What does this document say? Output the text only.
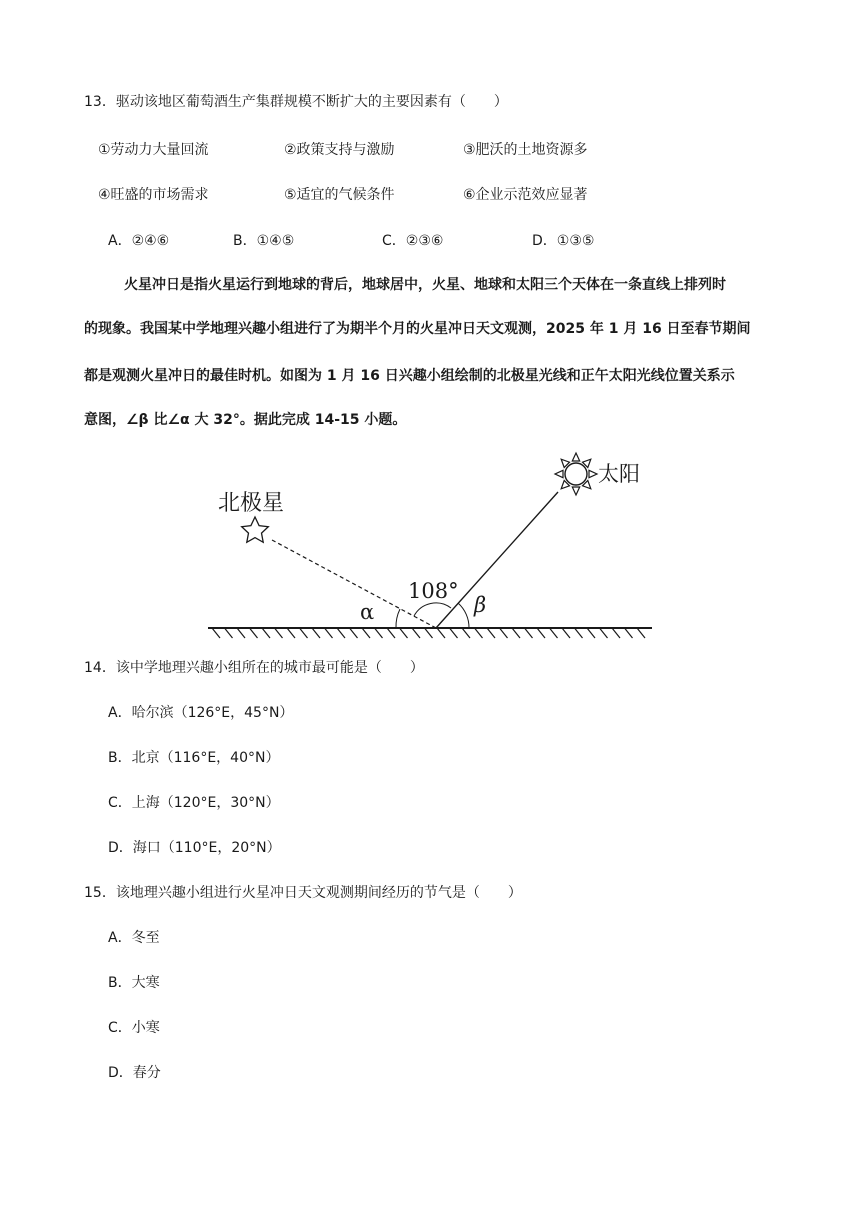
13．驱动该地区葡萄酒生产集群规模不断扩大的主要因素有（　　）
①劳动力大量回流	②政策支持与激励	③肥沃的土地资源多
④旺盛的市场需求	⑤适宜的气候条件	⑥企业示范效应显著
A．②④⑥	B．①④⑤	C．②③⑥	D．①③⑤
火星冲日是指火星运行到地球的背后，地球居中，火星、地球和太阳三个天体在一条直线上排列时
的现象。我国某中学地理兴趣小组进行了为期半个月的火星冲日天文观测，2025 年 1 月 16 日至春节期间
都是观测火星冲日的最佳时机。如图为 1 月 16 日兴趣小组绘制的北极星光线和正午太阳光线位置关系示
意图，∠β 比∠α 大 32°。据此完成 14-15 小题。
北极星
太阳
108°
α	β
14．该中学地理兴趣小组所在的城市最可能是（　　）
A．哈尔滨（126°E，45°N）
B．北京（116°E，40°N）
C．上海（120°E，30°N）
D．海口（110°E，20°N）
15．该地理兴趣小组进行火星冲日天文观测期间经历的节气是（　　）
A．冬至
B．大寒
C．小寒
D．春分
